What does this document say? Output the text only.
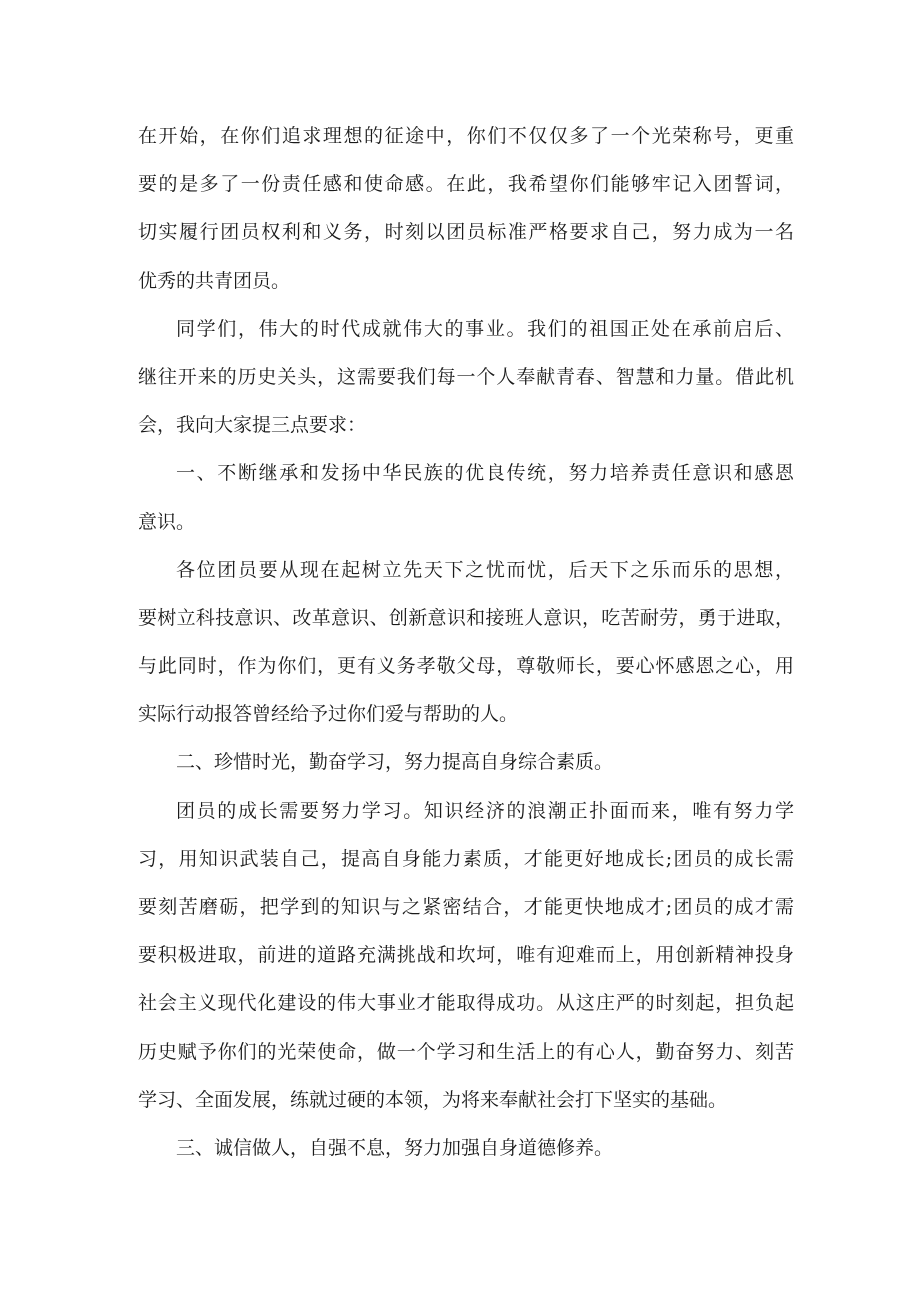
在开始，在你们追求理想的征途中，你们不仅仅多了一个光荣称号，更重
要的是多了一份责任感和使命感。在此，我希望你们能够牢记入团誓词，
切实履行团员权利和义务，时刻以团员标准严格要求自己，努力成为一名
优秀的共青团员。
同学们，伟大的时代成就伟大的事业。我们的祖国正处在承前启后、
继往开来的历史关头，这需要我们每一个人奉献青春、智慧和力量。借此机
会，我向大家提三点要求：
一、不断继承和发扬中华民族的优良传统，努力培养责任意识和感恩
意识。
各位团员要从现在起树立先天下之忧而忧，后天下之乐而乐的思想，
要树立科技意识、改革意识、创新意识和接班人意识，吃苦耐劳，勇于进取，
与此同时，作为你们，更有义务孝敬父母，尊敬师长，要心怀感恩之心，用
实际行动报答曾经给予过你们爱与帮助的人。
二、珍惜时光，勤奋学习，努力提高自身综合素质。
团员的成长需要努力学习。知识经济的浪潮正扑面而来，唯有努力学
习，用知识武装自己，提高自身能力素质，才能更好地成长;团员的成长需
要刻苦磨砺，把学到的知识与之紧密结合，才能更快地成才;团员的成才需
要积极进取，前进的道路充满挑战和坎坷，唯有迎难而上，用创新精神投身
社会主义现代化建设的伟大事业才能取得成功。从这庄严的时刻起，担负起
历史赋予你们的光荣使命，做一个学习和生活上的有心人，勤奋努力、刻苦
学习、全面发展，练就过硬的本领，为将来奉献社会打下坚实的基础。
三、诚信做人，自强不息，努力加强自身道德修养。
